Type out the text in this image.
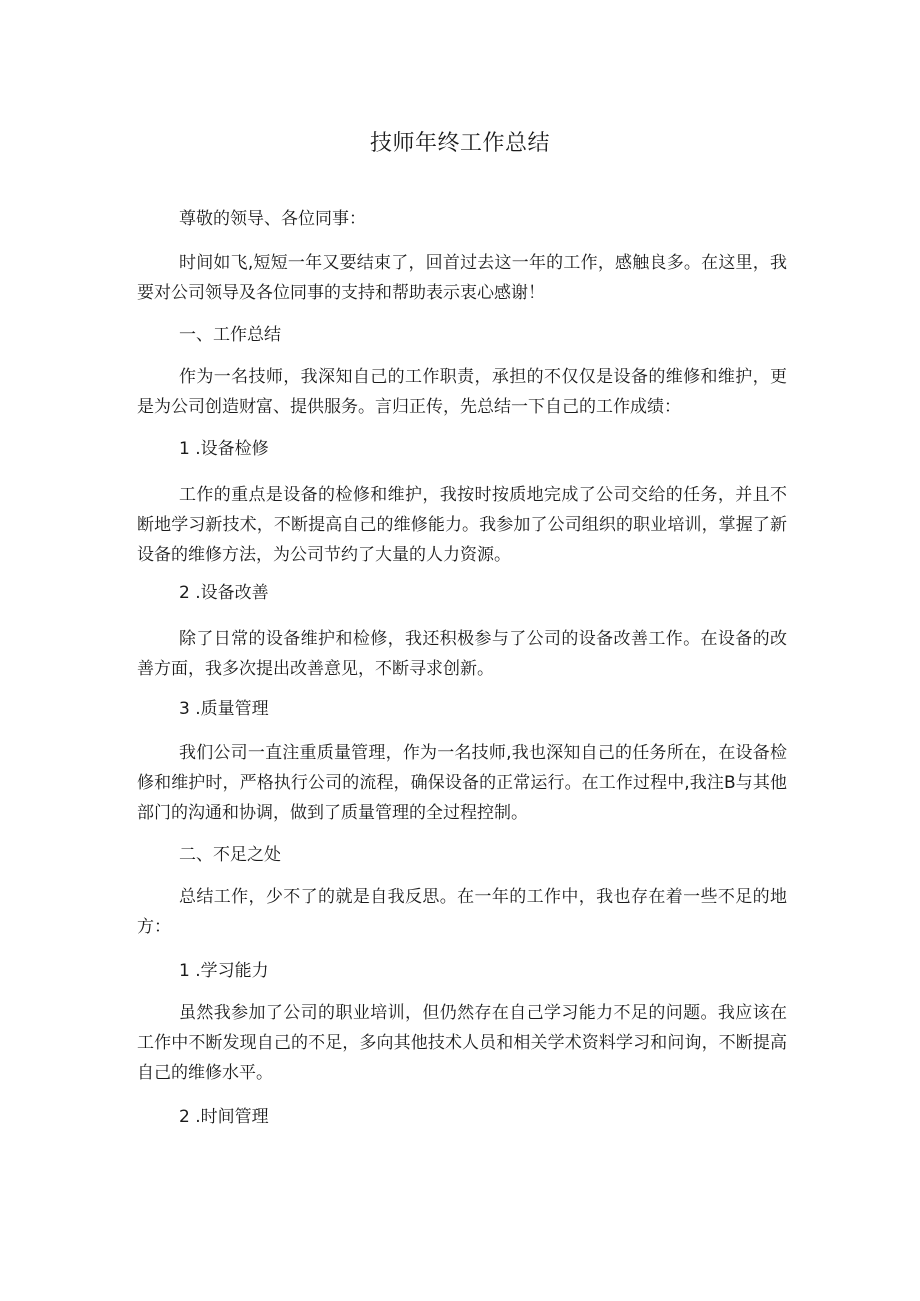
技师年终工作总结

尊敬的领导、各位同事：

时间如飞,短短一年又要结束了，回首过去这一年的工作，感触良多。在这里，我要对公司领导及各位同事的支持和帮助表示衷心感谢！

一、工作总结

作为一名技师，我深知自己的工作职责，承担的不仅仅是设备的维修和维护，更是为公司创造财富、提供服务。言归正传，先总结一下自己的工作成绩：

1 .设备检修

工作的重点是设备的检修和维护，我按时按质地完成了公司交给的任务，并且不断地学习新技术，不断提高自己的维修能力。我参加了公司组织的职业培训，掌握了新设备的维修方法，为公司节约了大量的人力资源。

2 .设备改善

除了日常的设备维护和检修，我还积极参与了公司的设备改善工作。在设备的改善方面，我多次提出改善意见，不断寻求创新。

3 .质量管理

我们公司一直注重质量管理，作为一名技师,我也深知自己的任务所在，在设备检修和维护时，严格执行公司的流程，确保设备的正常运行。在工作过程中,我注B与其他部门的沟通和协调，做到了质量管理的全过程控制。

二、不足之处

总结工作，少不了的就是自我反思。在一年的工作中，我也存在着一些不足的地方：

1 .学习能力

虽然我参加了公司的职业培训，但仍然存在自己学习能力不足的问题。我应该在工作中不断发现自己的不足，多向其他技术人员和相关学术资料学习和问询，不断提高自己的维修水平。

2 .时间管理
